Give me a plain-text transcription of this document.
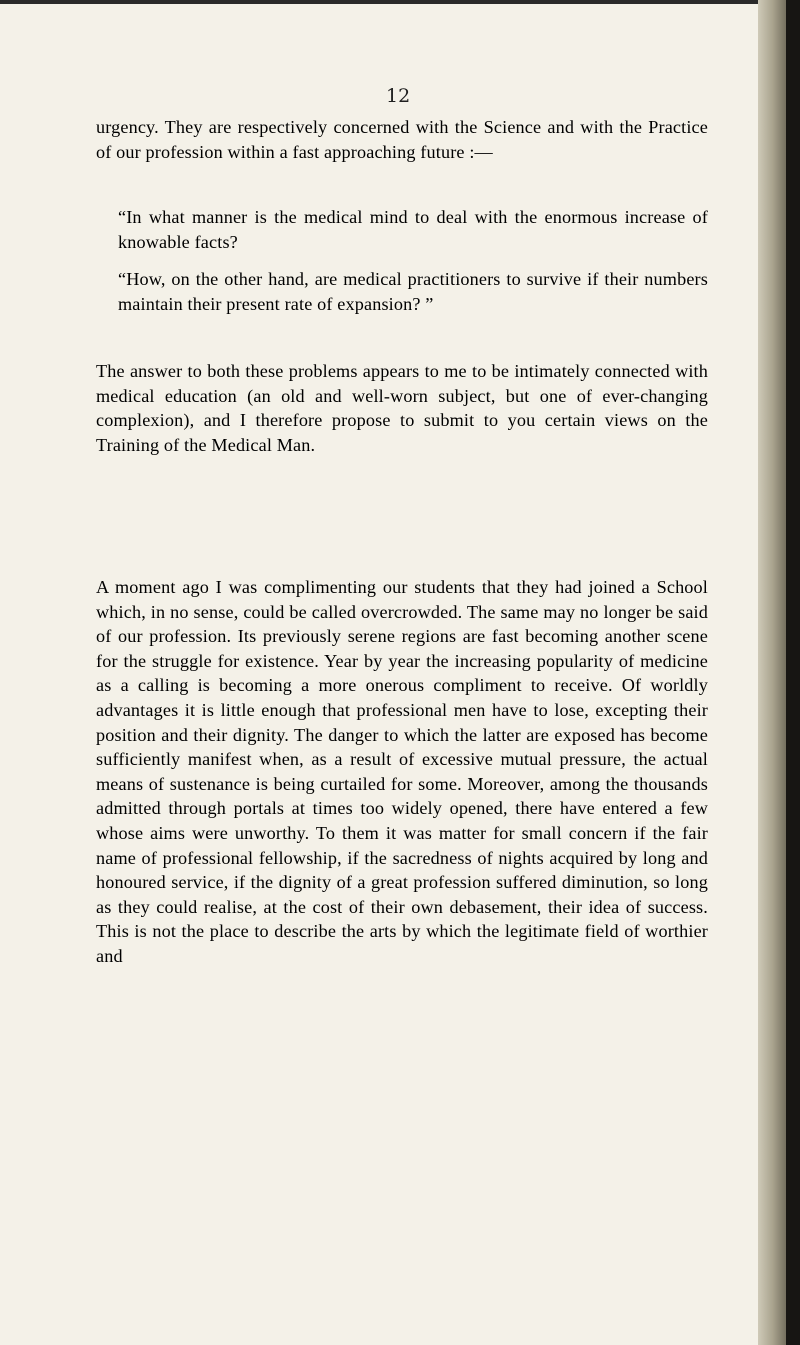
12

urgency. They are respectively concerned with the Science and with the Practice of our profession within a fast approaching future :—

“In what manner is the medical mind to deal with the enormous increase of knowable facts?

“How, on the other hand, are medical practitioners to survive if their numbers maintain their present rate of expansion? ”

The answer to both these problems appears to me to be intimately connected with medical education (an old and well-worn subject, but one of ever-changing complexion), and I therefore propose to submit to you certain views on the Training of the Medical Man.

A moment ago I was complimenting our students that they had joined a School which, in no sense, could be called overcrowded. The same may no longer be said of our profession. Its previously serene regions are fast becoming another scene for the struggle for existence. Year by year the increasing popularity of medicine as a calling is becoming a more onerous compliment to receive. Of worldly advantages it is little enough that professional men have to lose, excepting their position and their dignity. The danger to which the latter are exposed has become sufficiently manifest when, as a result of excessive mutual pressure, the actual means of sustenance is being curtailed for some. Moreover, among the thousands admitted through portals at times too widely opened, there have entered a few whose aims were unworthy. To them it was matter for small concern if the fair name of professional fellowship, if the sacredness of nights acquired by long and honoured service, if the dignity of a great profession suffered diminution, so long as they could realise, at the cost of their own debasement, their idea of success. This is not the place to describe the arts by which the legitimate field of worthier and
